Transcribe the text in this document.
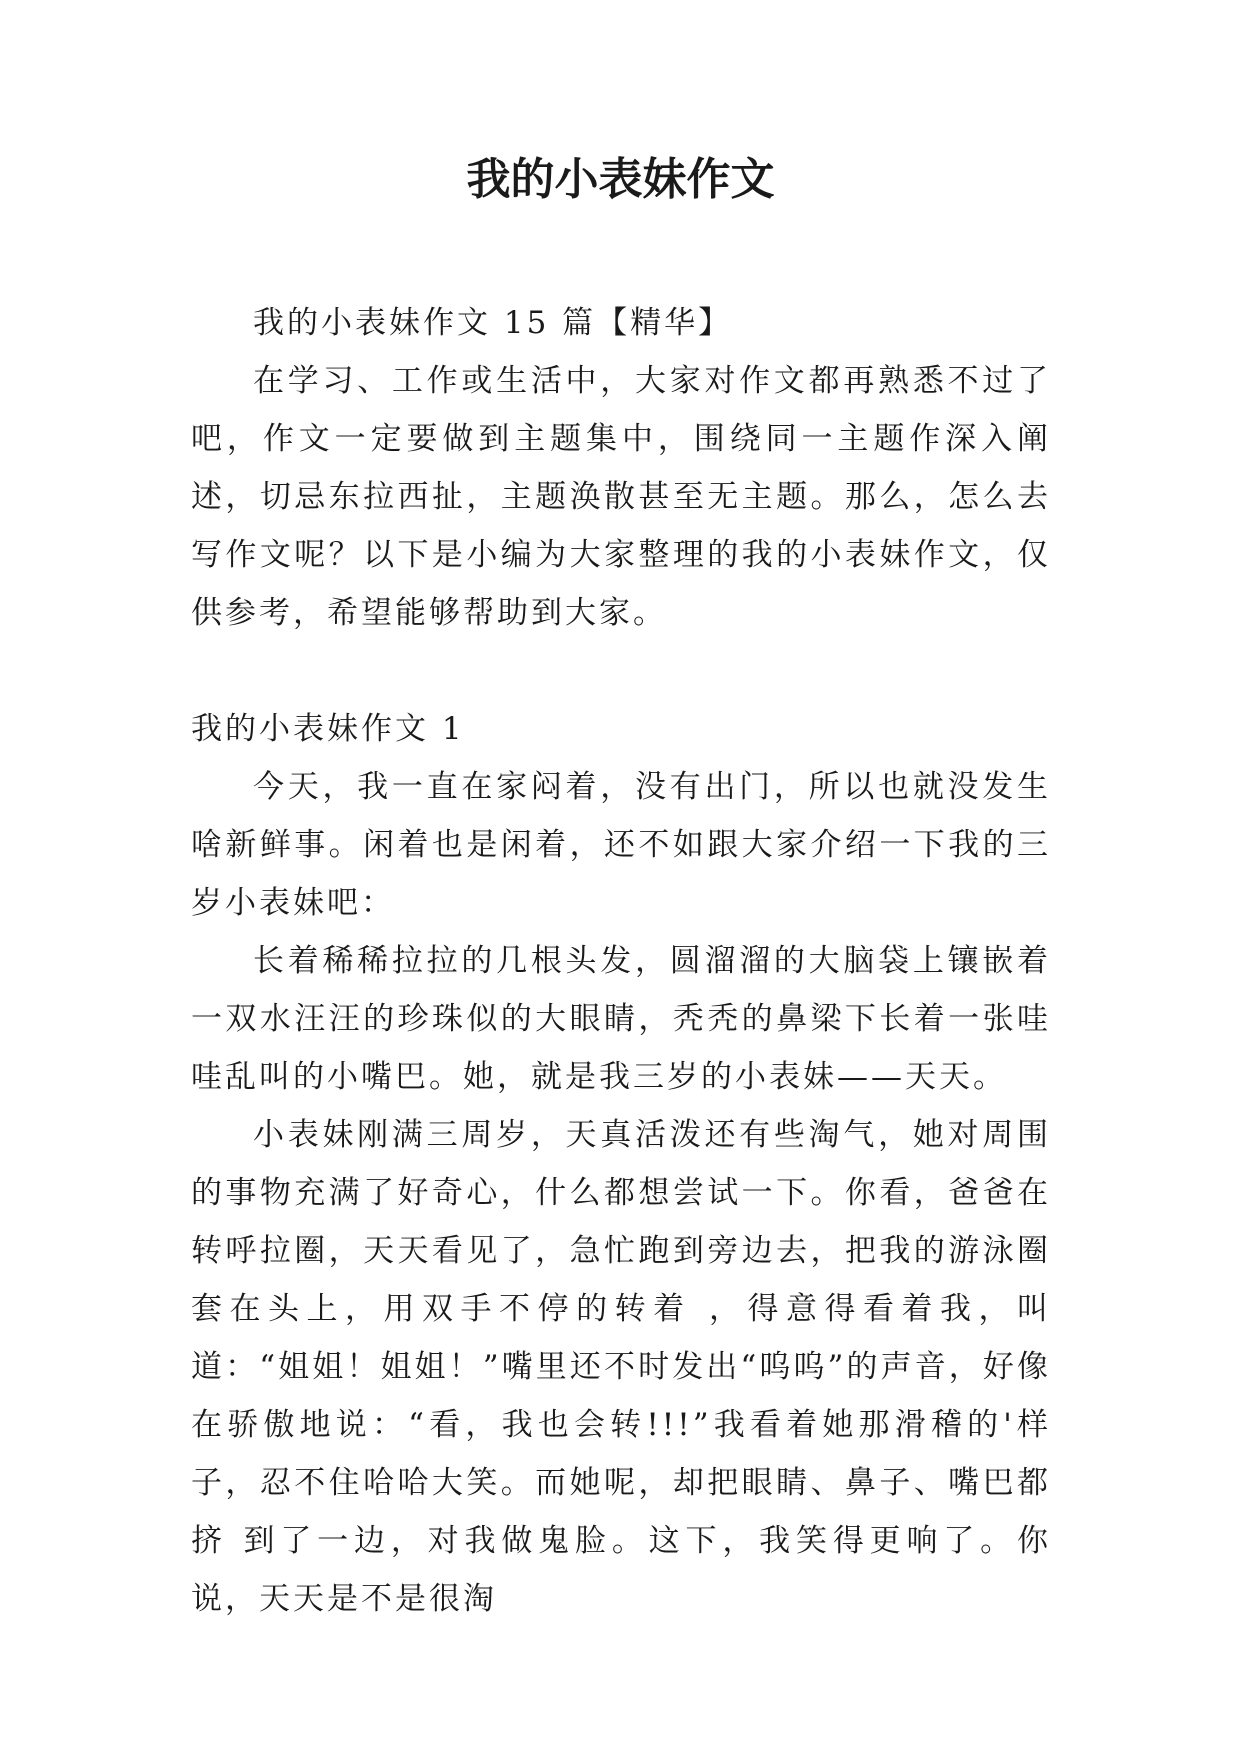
我的小表妹作文

我的小表妹作文 15 篇【精华】

在学习、工作或生活中，大家对作文都再熟悉不过了吧，作文一定要做到主题集中，围绕同一主题作深入阐述，切忌东拉西扯，主题涣散甚至无主题。那么，怎么去写作文呢？以下是小编为大家整理的我的小表妹作文，仅供参考，希望能够帮助到大家。

我的小表妹作文 1

今天，我一直在家闷着，没有出门，所以也就没发生啥新鲜事。闲着也是闲着，还不如跟大家介绍一下我的三岁小表妹吧：

长着稀稀拉拉的几根头发，圆溜溜的大脑袋上镶嵌着一双水汪汪的珍珠似的大眼睛，秃秃的鼻梁下长着一张哇哇乱叫的小嘴巴。她，就是我三岁的小表妹——天天。

小表妹刚满三周岁，天真活泼还有些淘气，她对周围的事物充满了好奇心，什么都想尝试一下。你看，爸爸在转呼拉圈，天天看见了，急忙跑到旁边去，把我的游泳圈套在头上，用双手不停的转着 ，得意得看着我，叫道：“姐姐！姐姐！”嘴里还不时发出“呜呜”的声音，好像在骄傲地说：“看，我也会转!!!”我看着她那滑稽的'样子，忍不住哈哈大笑。而她呢，却把眼睛、鼻子、嘴巴都挤 到了一边，对我做鬼脸。这下，我笑得更响了。你说，天天是不是很淘
